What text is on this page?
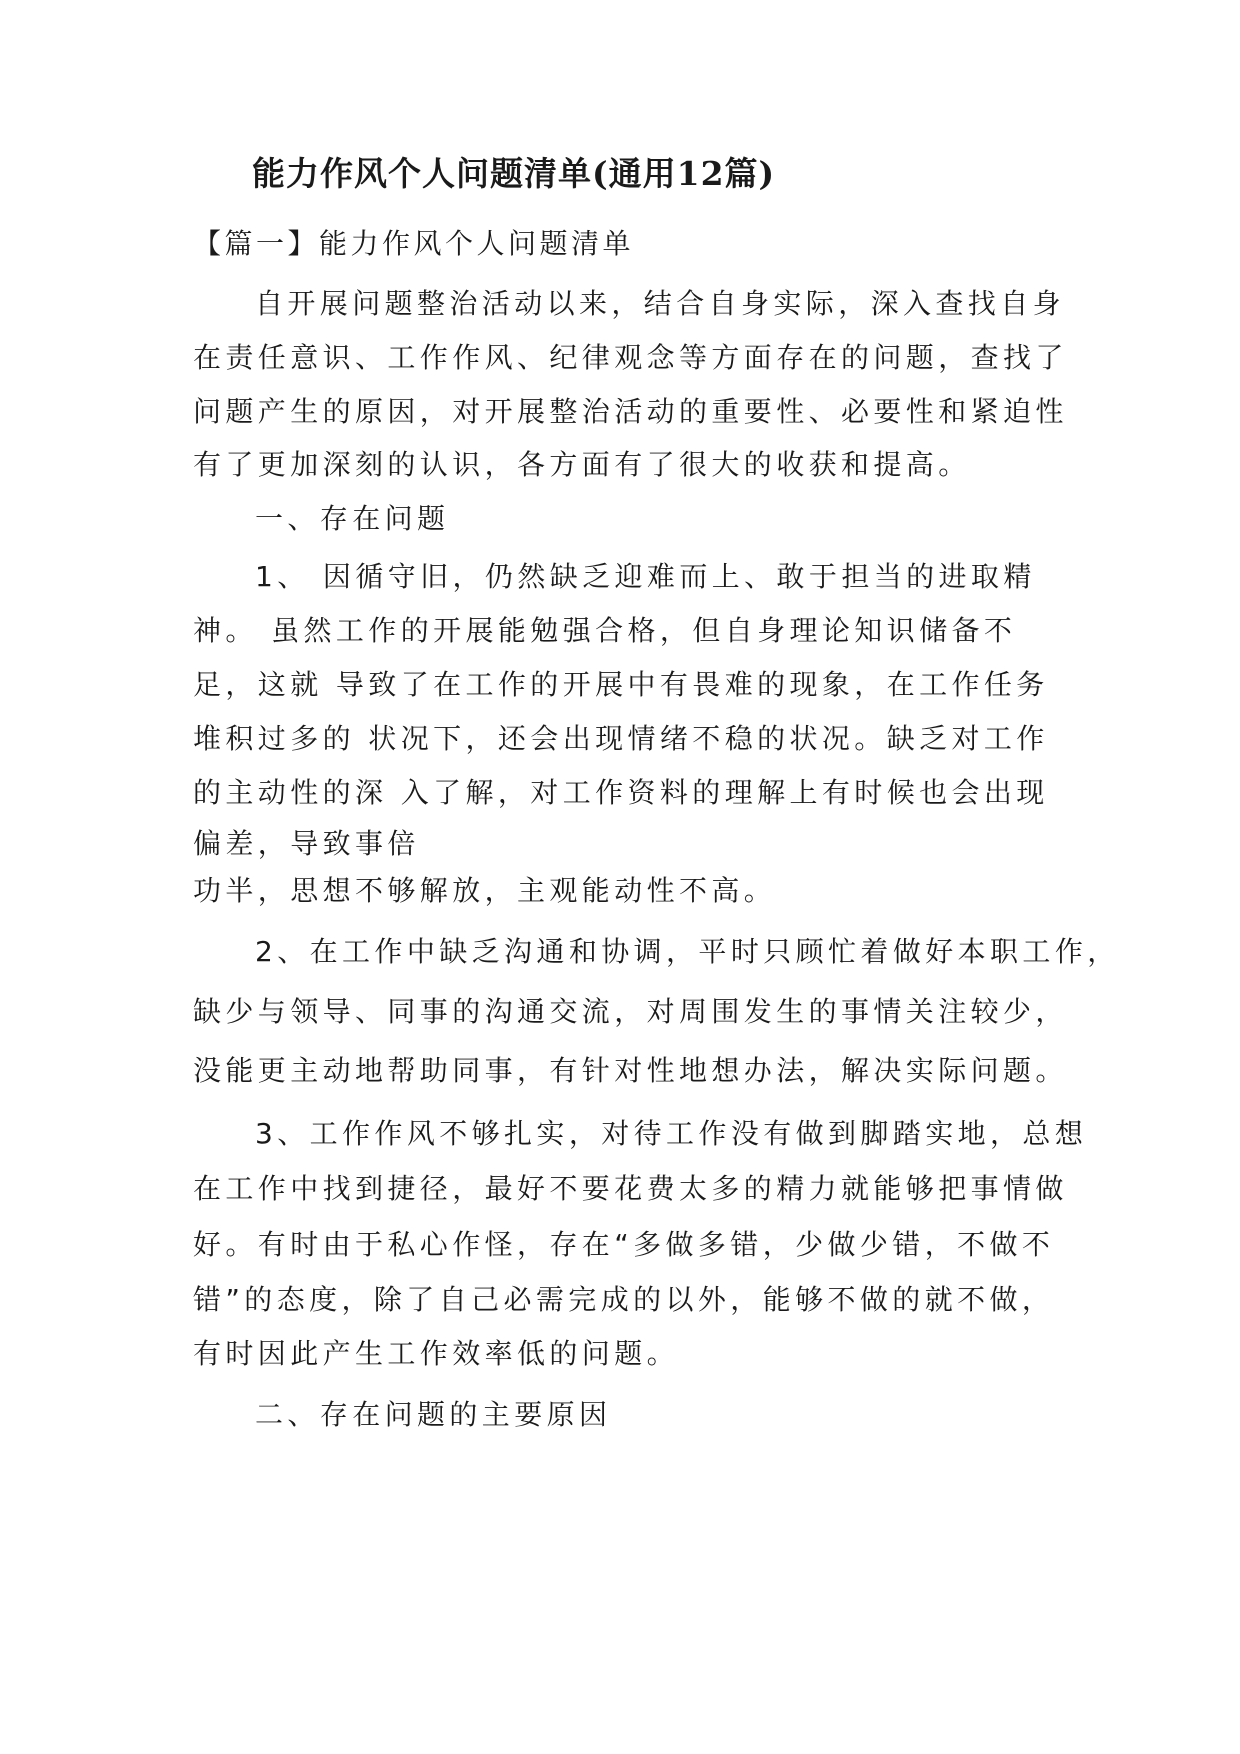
能力作风个人问题清单(通用12篇)
【篇一】能力作风个人问题清单
自开展问题整治活动以来，结合自身实际，深入查找自身
在责任意识、工作作风、纪律观念等方面存在的问题，查找了
问题产生的原因，对开展整治活动的重要性、必要性和紧迫性
有了更加深刻的认识，各方面有了很大的收获和提高。
一、存在问题
1、 因循守旧，仍然缺乏迎难而上、敢于担当的进取精
神。 虽然工作的开展能勉强合格，但自身理论知识储备不
足，这就 导致了在工作的开展中有畏难的现象，在工作任务
堆积过多的 状况下，还会出现情绪不稳的状况。缺乏对工作
的主动性的深 入了解，对工作资料的理解上有时候也会出现
偏差，导致事倍
功半，思想不够解放，主观能动性不高。
2、在工作中缺乏沟通和协调，平时只顾忙着做好本职工作，
缺少与领导、同事的沟通交流，对周围发生的事情关注较少，
没能更主动地帮助同事，有针对性地想办法，解决实际问题。
3、工作作风不够扎实，对待工作没有做到脚踏实地，总想
在工作中找到捷径，最好不要花费太多的精力就能够把事情做
好。有时由于私心作怪，存在“多做多错，少做少错，不做不
错”的态度，除了自己必需完成的以外，能够不做的就不做，
有时因此产生工作效率低的问题。
二、存在问题的主要原因
